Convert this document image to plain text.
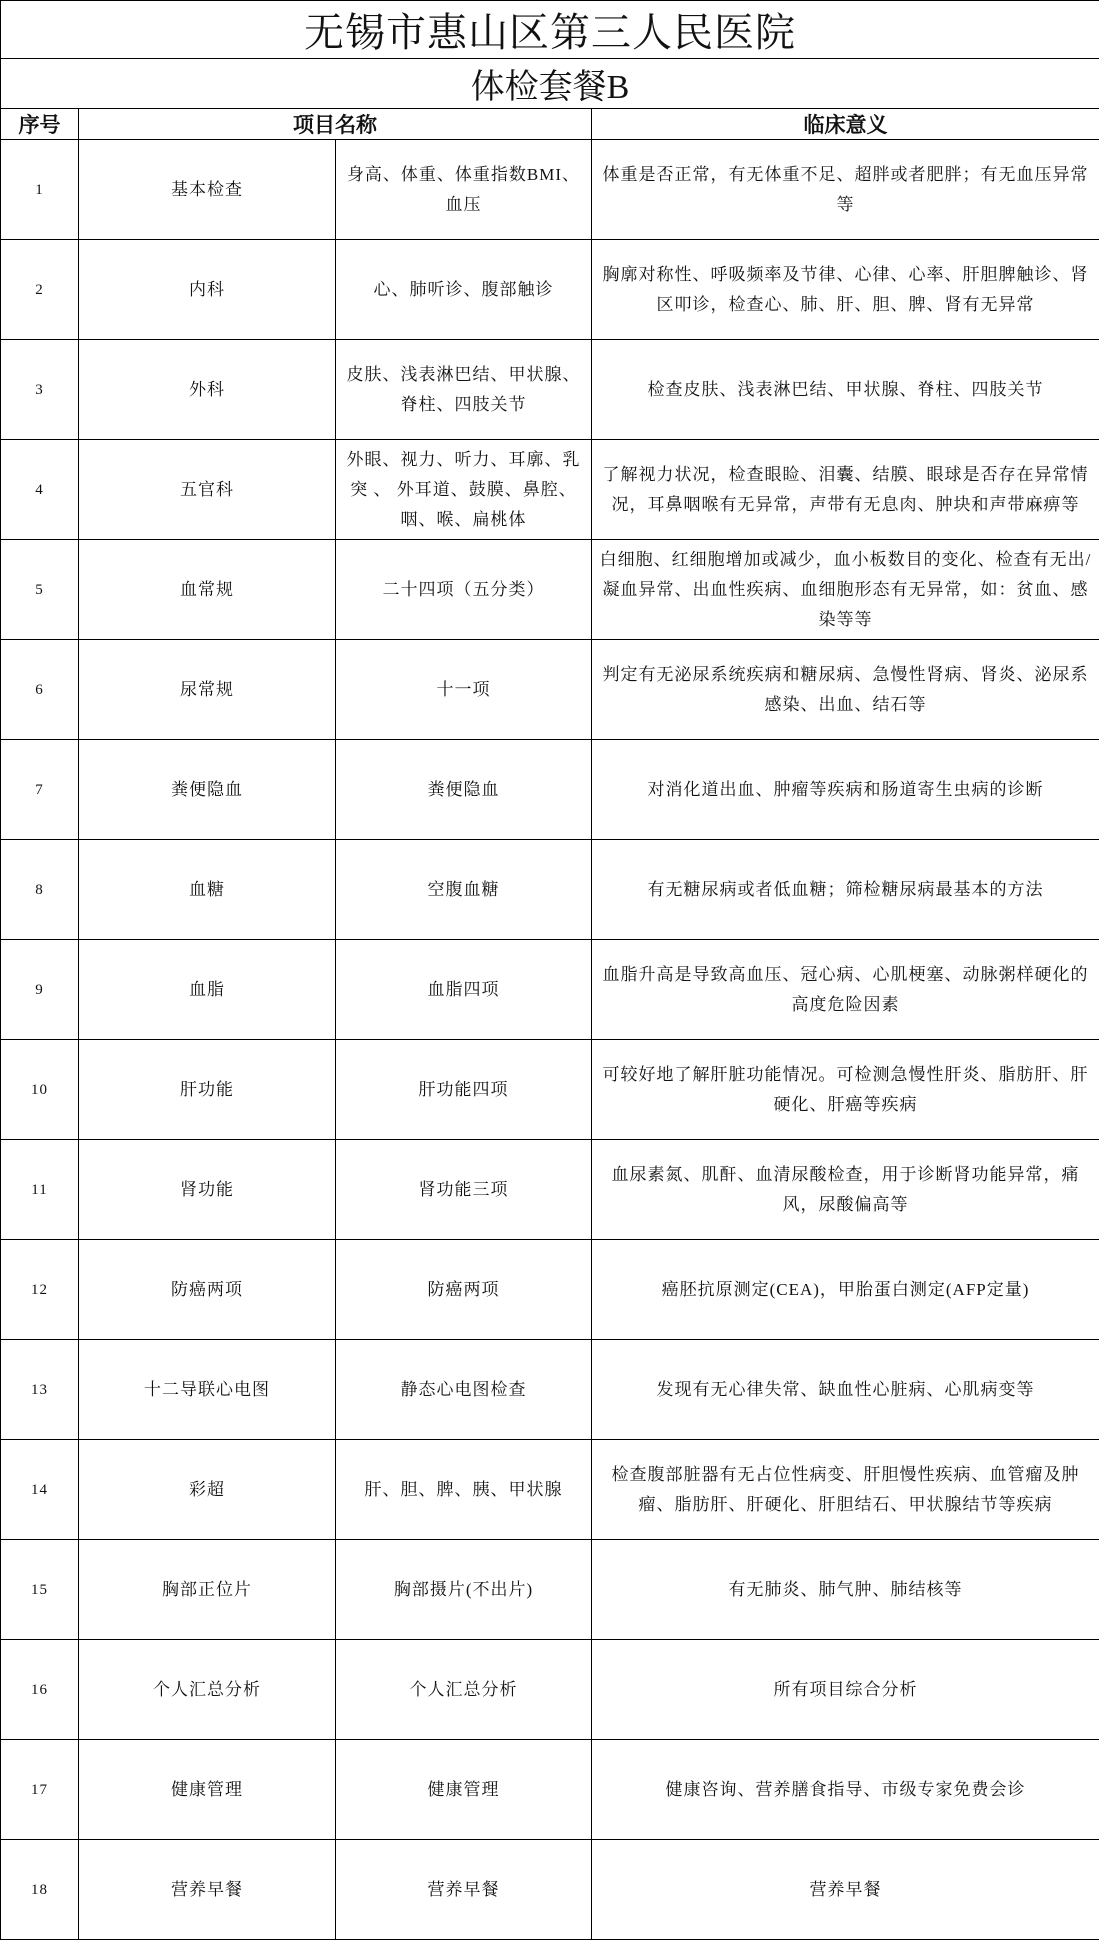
无锡市惠山区第三人民医院			
体检套餐B			
序号	项目名称		临床意义
1	基本检查	身高、体重、体重指数BMI、血压	体重是否正常，有无体重不足、超胖或者肥胖；有无血压异常等
2	内科	心、肺听诊、腹部触诊	胸廓对称性、呼吸频率及节律、心律、心率、肝胆脾触诊、肾区叩诊，检查心、肺、肝、胆、脾、肾有无异常
3	外科	皮肤、浅表淋巴结、甲状腺、脊柱、四肢关节	检查皮肤、浅表淋巴结、甲状腺、脊柱、四肢关节
4	五官科	外眼、视力、听力、耳廓、乳突 、 外耳道、鼓膜、鼻腔、咽、喉、扁桃体	了解视力状况，检查眼睑、泪囊、结膜、眼球是否存在异常情况，耳鼻咽喉有无异常，声带有无息肉、肿块和声带麻痹等
5	血常规	二十四项（五分类）	白细胞、红细胞增加或减少，血小板数目的变化、检查有无出/ 凝血异常、出血性疾病、血细胞形态有无异常，如：贫血、感染等等
6	尿常规	十一项	判定有无泌尿系统疾病和糖尿病、急慢性肾病、肾炎、泌尿系感染、出血、结石等
7	粪便隐血	粪便隐血	对消化道出血、肿瘤等疾病和肠道寄生虫病的诊断
8	血糖	空腹血糖	有无糖尿病或者低血糖；筛检糖尿病最基本的方法
9	血脂	血脂四项	血脂升高是导致高血压、冠心病、心肌梗塞、动脉粥样硬化的高度危险因素
10	肝功能	肝功能四项	可较好地了解肝脏功能情况。可检测急慢性肝炎、脂肪肝、肝硬化、肝癌等疾病
11	肾功能	肾功能三项	血尿素氮、肌酐、血清尿酸检查，用于诊断肾功能异常，痛风，尿酸偏高等
12	防癌两项	防癌两项	癌胚抗原测定(CEA)，甲胎蛋白测定(AFP定量)
13	十二导联心电图	静态心电图检查	发现有无心律失常、缺血性心脏病、心肌病变等
14	彩超	肝、胆、脾、胰、甲状腺	检查腹部脏器有无占位性病变、肝胆慢性疾病、血管瘤及肿瘤、脂肪肝、肝硬化、肝胆结石、甲状腺结节等疾病
15	胸部正位片	胸部摄片(不出片)	有无肺炎、肺气肿、肺结核等
16	个人汇总分析	个人汇总分析	所有项目综合分析
17	健康管理	健康管理	健康咨询、营养膳食指导、市级专家免费会诊
18	营养早餐	营养早餐	营养早餐
